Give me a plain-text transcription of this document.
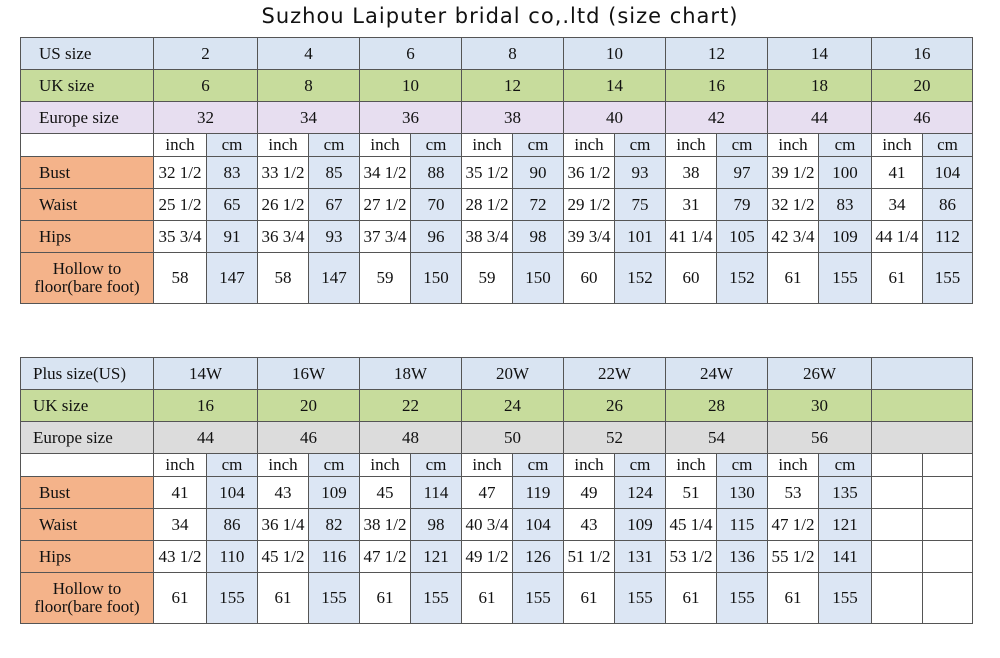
Suzhou Laiputer bridal co,.ltd (size chart)
US size	2		4		6		8		10		12		14		16	
UK size	6		8		10		12		14		16		18		20	
Europe size	32		34		36		38		40		42		44		46	
	inch	cm	inch	cm	inch	cm	inch	cm	inch	cm	inch	cm	inch	cm	inch	cm
Bust	32 1/2	83	33 1/2	85	34 1/2	88	35 1/2	90	36 1/2	93	38	97	39 1/2	100	41	104
Waist	25 1/2	65	26 1/2	67	27 1/2	70	28 1/2	72	29 1/2	75	31	79	32 1/2	83	34	86
Hips	35 3/4	91	36 3/4	93	37 3/4	96	38 3/4	98	39 3/4	101	41 1/4	105	42 3/4	109	44 1/4	112
Hollow to
floor(bare foot)	58	147	58	147	59	150	59	150	60	152	60	152	61	155	61	155
Plus size(US)	14W		16W		18W		20W		22W		24W		26W			
UK size	16		20		22		24		26		28		30			
Europe size	44		46		48		50		52		54		56			
	inch	cm	inch	cm	inch	cm	inch	cm	inch	cm	inch	cm	inch	cm		
Bust	41	104	43	109	45	114	47	119	49	124	51	130	53	135		
Waist	34	86	36 1/4	82	38 1/2	98	40 3/4	104	43	109	45 1/4	115	47 1/2	121		
Hips	43 1/2	110	45 1/2	116	47 1/2	121	49 1/2	126	51 1/2	131	53 1/2	136	55 1/2	141		
Hollow to
floor(bare foot)	61	155	61	155	61	155	61	155	61	155	61	155	61	155		
